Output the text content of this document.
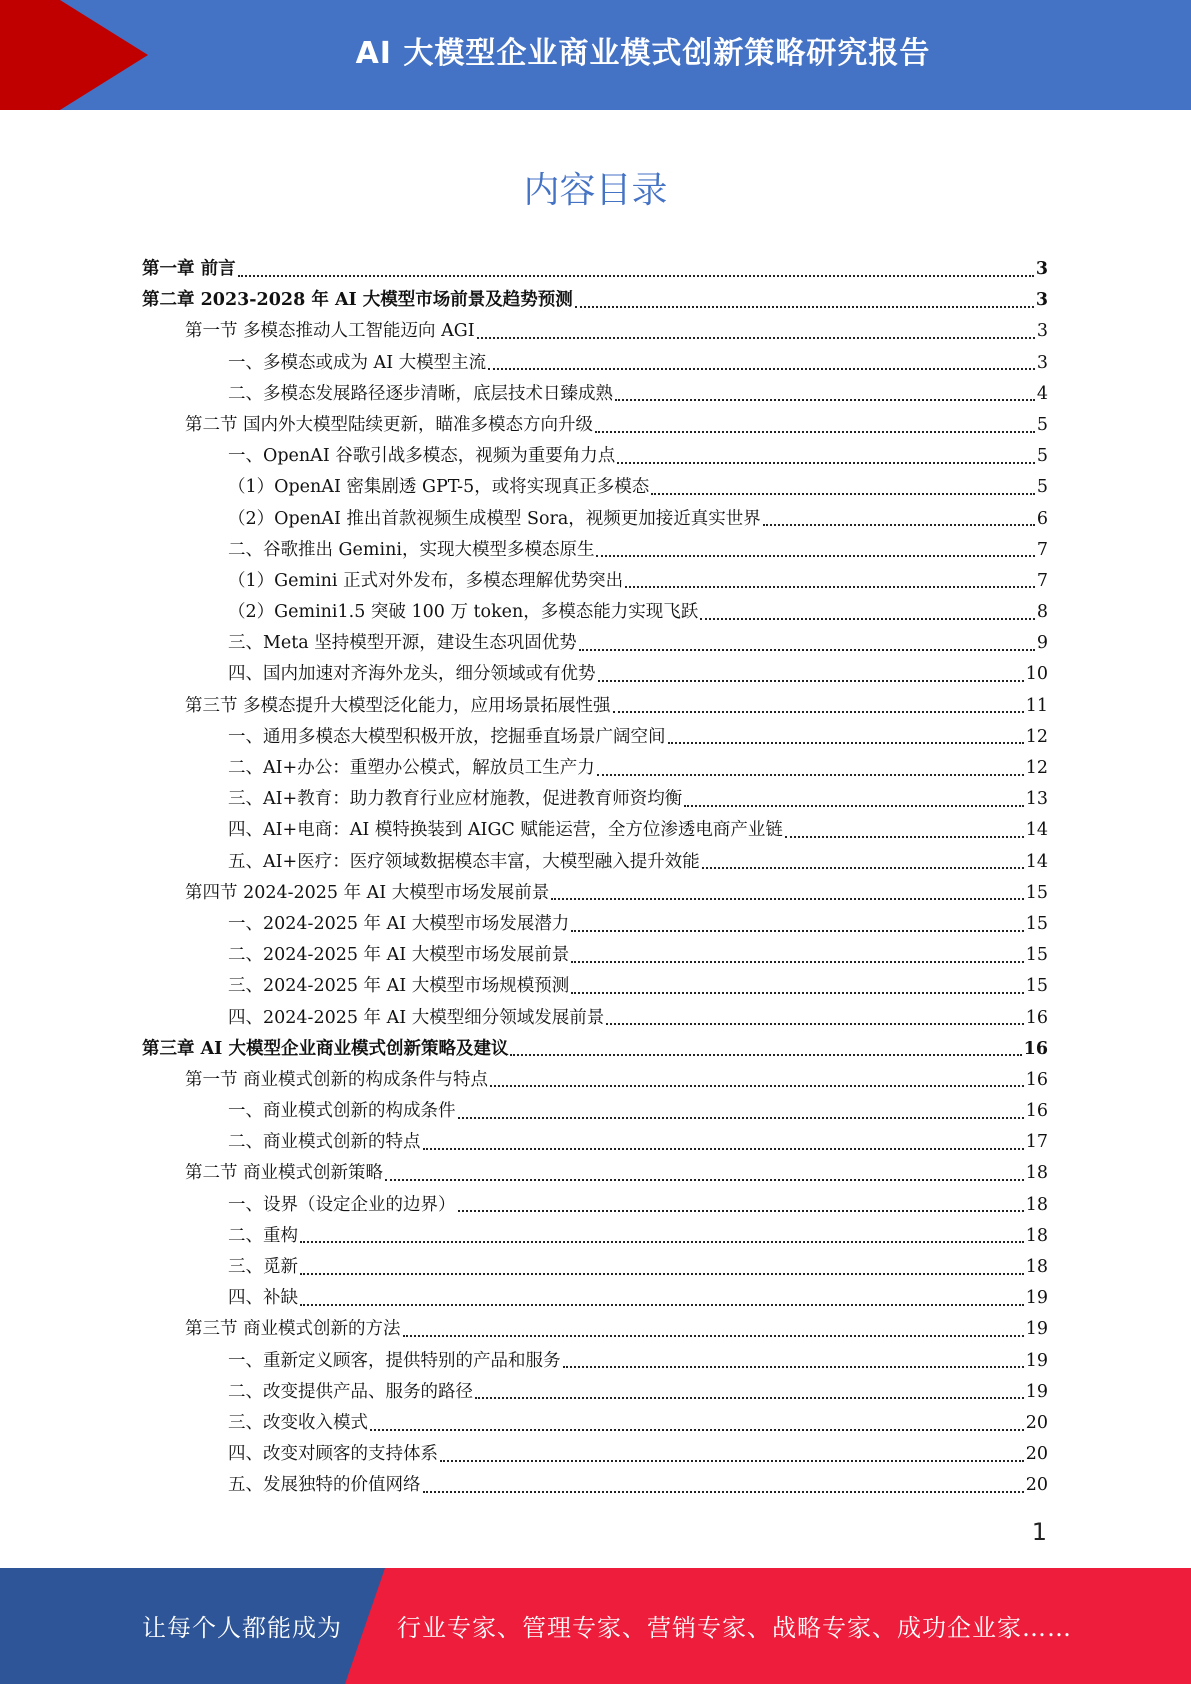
AI 大模型企业商业模式创新策略研究报告
内容目录
第一章 前言	3
第二章 2023-2028 年 AI 大模型市场前景及趋势预测	3
第一节 多模态推动人工智能迈向 AGI	3
一、多模态或成为 AI 大模型主流	3
二、多模态发展路径逐步清晰，底层技术日臻成熟	4
第二节 国内外大模型陆续更新，瞄准多模态方向升级	5
一、OpenAI 谷歌引战多模态，视频为重要角力点	5
（1）OpenAI 密集剧透 GPT-5，或将实现真正多模态	5
（2）OpenAI 推出首款视频生成模型 Sora，视频更加接近真实世界	6
二、谷歌推出 Gemini，实现大模型多模态原生	7
（1）Gemini 正式对外发布，多模态理解优势突出	7
（2）Gemini1.5 突破 100 万 token，多模态能力实现飞跃	8
三、Meta 坚持模型开源，建设生态巩固优势	9
四、国内加速对齐海外龙头，细分领域或有优势	10
第三节 多模态提升大模型泛化能力，应用场景拓展性强	11
一、通用多模态大模型积极开放，挖掘垂直场景广阔空间	12
二、AI+办公：重塑办公模式，解放员工生产力	12
三、AI+教育：助力教育行业应材施教，促进教育师资均衡	13
四、AI+电商：AI 模特换装到 AIGC 赋能运营，全方位渗透电商产业链	14
五、AI+医疗：医疗领域数据模态丰富，大模型融入提升效能	14
第四节 2024-2025 年 AI 大模型市场发展前景	15
一、2024-2025 年 AI 大模型市场发展潜力	15
二、2024-2025 年 AI 大模型市场发展前景	15
三、2024-2025 年 AI 大模型市场规模预测	15
四、2024-2025 年 AI 大模型细分领域发展前景	16
第三章 AI 大模型企业商业模式创新策略及建议	16
第一节 商业模式创新的构成条件与特点	16
一、商业模式创新的构成条件	16
二、商业模式创新的特点	17
第二节 商业模式创新策略	18
一、设界（设定企业的边界）	18
二、重构	18
三、觅新	18
四、补缺	19
第三节 商业模式创新的方法	19
一、重新定义顾客，提供特别的产品和服务	19
二、改变提供产品、服务的路径	19
三、改变收入模式	20
四、改变对顾客的支持体系	20
五、发展独特的价值网络	20
1
让每个人都能成为 行业专家、管理专家、营销专家、战略专家、成功企业家……
